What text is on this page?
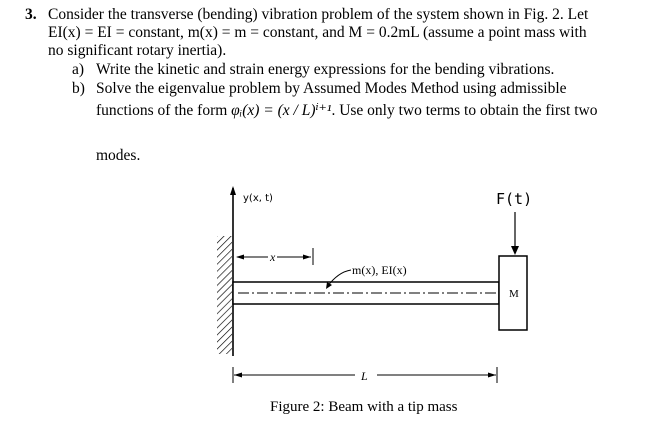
3. Consider the transverse (bending) vibration problem of the system shown in Fig. 2. Let
EI(x) = EI = constant, m(x) = m = constant, and M = 0.2mL (assume a point mass with
no significant rotary inertia).
a) Write the kinetic and strain energy expressions for the bending vibrations.
b) Solve the eigenvalue problem by Assumed Modes Method using admissible
functions of the form φᵢ(x) = (x / L)ⁱ⁺¹. Use only two terms to obtain the first two
modes.
y(x, t)
x
F(t)
m(x), EI(x)
M
L
Figure 2: Beam with a tip mass
